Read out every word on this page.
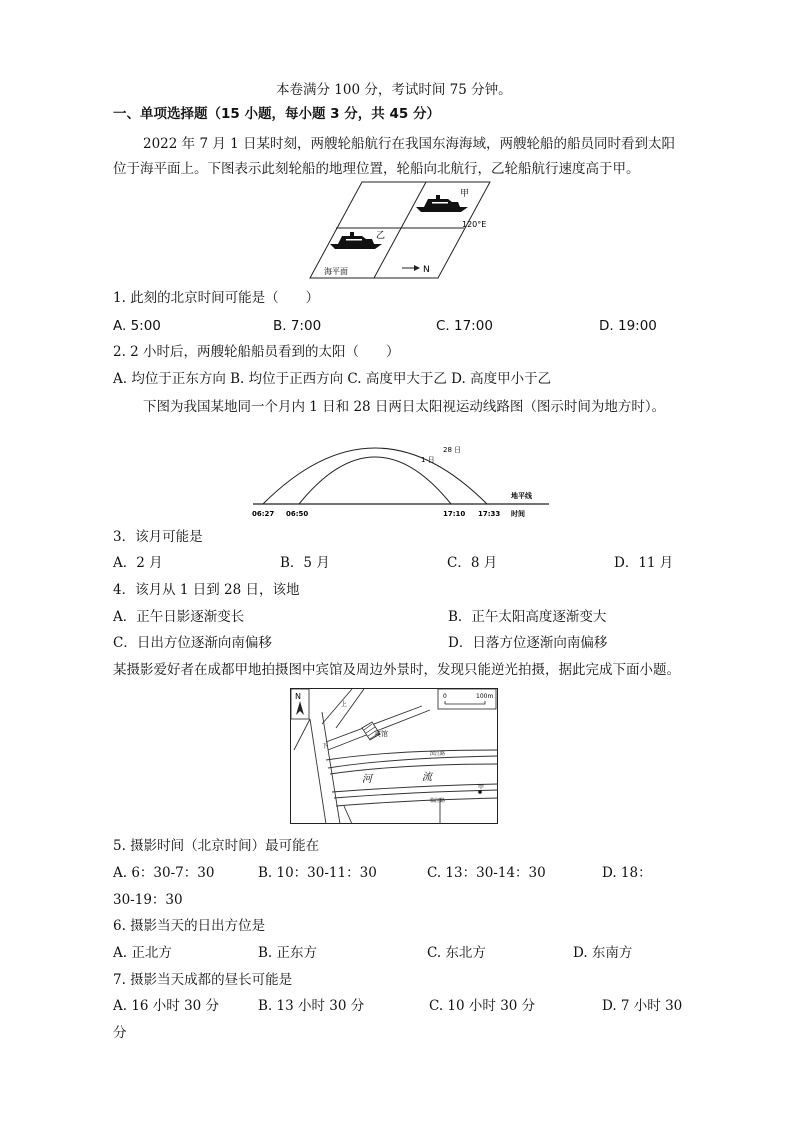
本卷满分 100 分，考试时间 75 分钟。
一、单项选择题（15 小题，每小题 3 分，共 45 分）
2022 年 7 月 1 日某时刻，两艘轮船航行在我国东海海域，两艘轮船的船员同时看到太阳
位于海平面上。下图表示此刻轮船的地理位置，轮船向北航行，乙轮船航行速度高于甲。
甲
乙
120°E
海平面	N
1. 此刻的北京时间可能是（　　）
A. 5:00	B. 7:00	C. 17:00	D. 19:00
2. 2 小时后，两艘轮船船员看到的太阳（　　）
A. 均位于正东方向 B. 均位于正西方向 C. 高度甲大于乙 D. 高度甲小于乙
下图为我国某地同一个月内 1 日和 28 日两日太阳视运动线路图（图示时间为地方时）。
28 日
1 日
地平线
06:27 06:50	17:10 17:33 时间
3．该月可能是
A．2 月	B．5 月	C．8 月	D．11 月
4．该月从 1 日到 28 日，该地
A．正午日影逐渐变长	B．正午太阳高度逐渐变大
C．日出方位逐渐向南偏移	D．日落方位逐渐向南偏移
某摄影爱好者在成都甲地拍摄图中宾馆及周边外景时，发现只能逆光拍摄，据此完成下面小题。
N	0	100m
上
下
宾馆
滨江路
河	流
临江路
甲
5. 摄影时间（北京时间）最可能在
A. 6：30-7：30	B. 10：30-11：30	C. 13：30-14：30	D. 18：
30-19：30
6. 摄影当天的日出方位是
A. 正北方	B. 正东方	C. 东北方	D. 东南方
7. 摄影当天成都的昼长可能是
A. 16 小时 30 分	B. 13 小时 30 分	C. 10 小时 30 分	D. 7 小时 30
分
